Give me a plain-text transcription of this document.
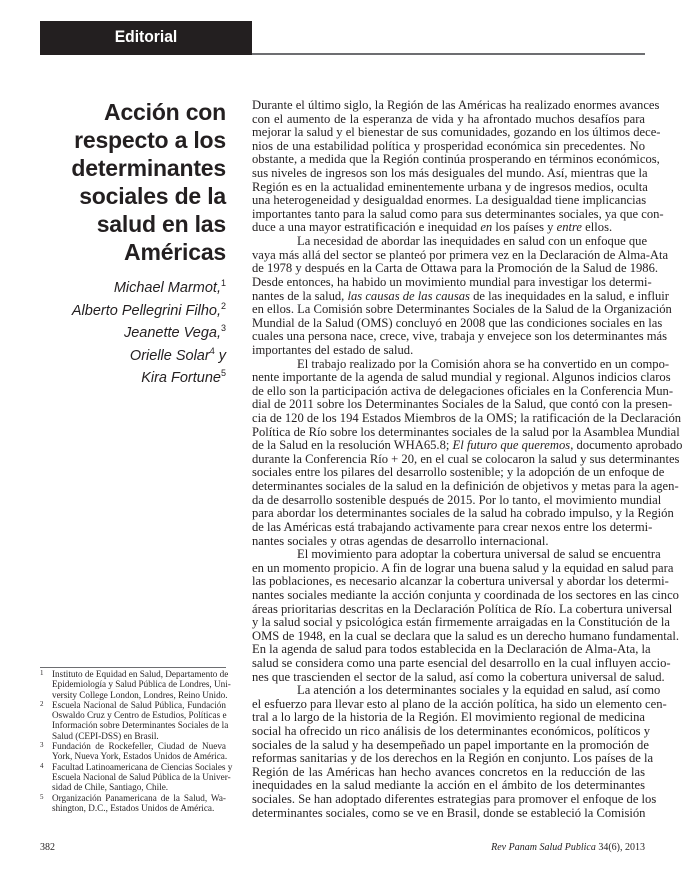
Editorial
Acción con
respecto a los
determinantes
sociales de la
salud en las
Américas
Michael Marmot,$^1$
Alberto Pellegrini Filho,$^2$
Jeanette Vega,$^3$
Orielle Solar$^4$ y
Kira Fortune$^5$
Durante el último siglo, la Región de las Américas ha realizado enormes avances
con el aumento de la esperanza de vida y ha afrontado muchos desafíos para
mejorar la salud y el bienestar de sus comunidades, gozando en los últimos dece-
nios de una estabilidad política y prosperidad económica sin precedentes. No
obstante, a medida que la Región continúa prosperando en términos económicos,
sus niveles de ingresos son los más desiguales del mundo. Así, mientras que la
Región es en la actualidad eminentemente urbana y de ingresos medios, oculta
una heterogeneidad y desigualdad enormes. La desigualdad tiene implicancias
importantes tanto para la salud como para sus determinantes sociales, ya que con-
duce a una mayor estratificación e inequidad en los países y entre ellos.
La necesidad de abordar las inequidades en salud con un enfoque que
vaya más allá del sector se planteó por primera vez en la Declaración de Alma-Ata
de 1978 y después en la Carta de Ottawa para la Promoción de la Salud de 1986.
Desde entonces, ha habido un movimiento mundial para investigar los determi-
nantes de la salud, las causas de las causas de las inequidades en la salud, e influir
en ellos. La Comisión sobre Determinantes Sociales de la Salud de la Organización
Mundial de la Salud (OMS) concluyó en 2008 que las condiciones sociales en las
cuales una persona nace, crece, vive, trabaja y envejece son los determinantes más
importantes del estado de salud.
El trabajo realizado por la Comisión ahora se ha convertido en un compo-
nente importante de la agenda de salud mundial y regional. Algunos indicios claros
de ello son la participación activa de delegaciones oficiales en la Conferencia Mun-
dial de 2011 sobre los Determinantes Sociales de la Salud, que contó con la presen-
cia de 120 de los 194 Estados Miembros de la OMS; la ratificación de la Declaración
Política de Río sobre los determinantes sociales de la salud por la Asamblea Mundial
de la Salud en la resolución WHA65.8; El futuro que queremos, documento aprobado
durante la Conferencia Río + 20, en el cual se colocaron la salud y sus determinantes
sociales entre los pilares del desarrollo sostenible; y la adopción de un enfoque de
determinantes sociales de la salud en la definición de objetivos y metas para la agen-
da de desarrollo sostenible después de 2015. Por lo tanto, el movimiento mundial
para abordar los determinantes sociales de la salud ha cobrado impulso, y la Región
de las Américas está trabajando activamente para crear nexos entre los determi-
nantes sociales y otras agendas de desarrollo internacional.
El movimiento para adoptar la cobertura universal de salud se encuentra
en un momento propicio. A fin de lograr una buena salud y la equidad en salud para
las poblaciones, es necesario alcanzar la cobertura universal y abordar los determi-
nantes sociales mediante la acción conjunta y coordinada de los sectores en las cinco
áreas prioritarias descritas en la Declaración Política de Río. La cobertura universal
y la salud social y psicológica están firmemente arraigadas en la Constitución de la
OMS de 1948, en la cual se declara que la salud es un derecho humano fundamental.
En la agenda de salud para todos establecida en la Declaración de Alma-Ata, la
salud se considera como una parte esencial del desarrollo en la cual influyen accio-
nes que trascienden el sector de la salud, así como la cobertura universal de salud.
La atención a los determinantes sociales y la equidad en salud, así como
el esfuerzo para llevar esto al plano de la acción política, ha sido un elemento cen-
tral a lo largo de la historia de la Región. El movimiento regional de medicina
social ha ofrecido un rico análisis de los determinantes económicos, políticos y
sociales de la salud y ha desempeñado un papel importante en la promoción de
reformas sanitarias y de los derechos en la Región en conjunto. Los países de la
Región de las Américas han hecho avances concretos en la reducción de las
inequidades en la salud mediante la acción en el ámbito de los determinantes
sociales. Se han adoptado diferentes estrategias para promover el enfoque de los
determinantes sociales, como se ve en Brasil, donde se estableció la Comisión
1 Instituto de Equidad en Salud, Departamento de
Epidemiología y Salud Pública de Londres, Uni-
versity College London, Londres, Reino Unido.
2 Escuela Nacional de Salud Pública, Fundación
Oswaldo Cruz y Centro de Estudios, Políticas e
Información sobre Determinantes Sociales de la
Salud (CEPI-DSS) en Brasil.
3 Fundación de Rockefeller, Ciudad de Nueva
York, Nueva York, Estados Unidos de América.
4 Facultad Latinoamericana de Ciencias Sociales y
Escuela Nacional de Salud Pública de la Univer-
sidad de Chile, Santiago, Chile.
5 Organización Panamericana de la Salud, Wa-
shington, D.C., Estados Unidos de América.
382	Rev Panam Salud Publica 34(6), 2013
